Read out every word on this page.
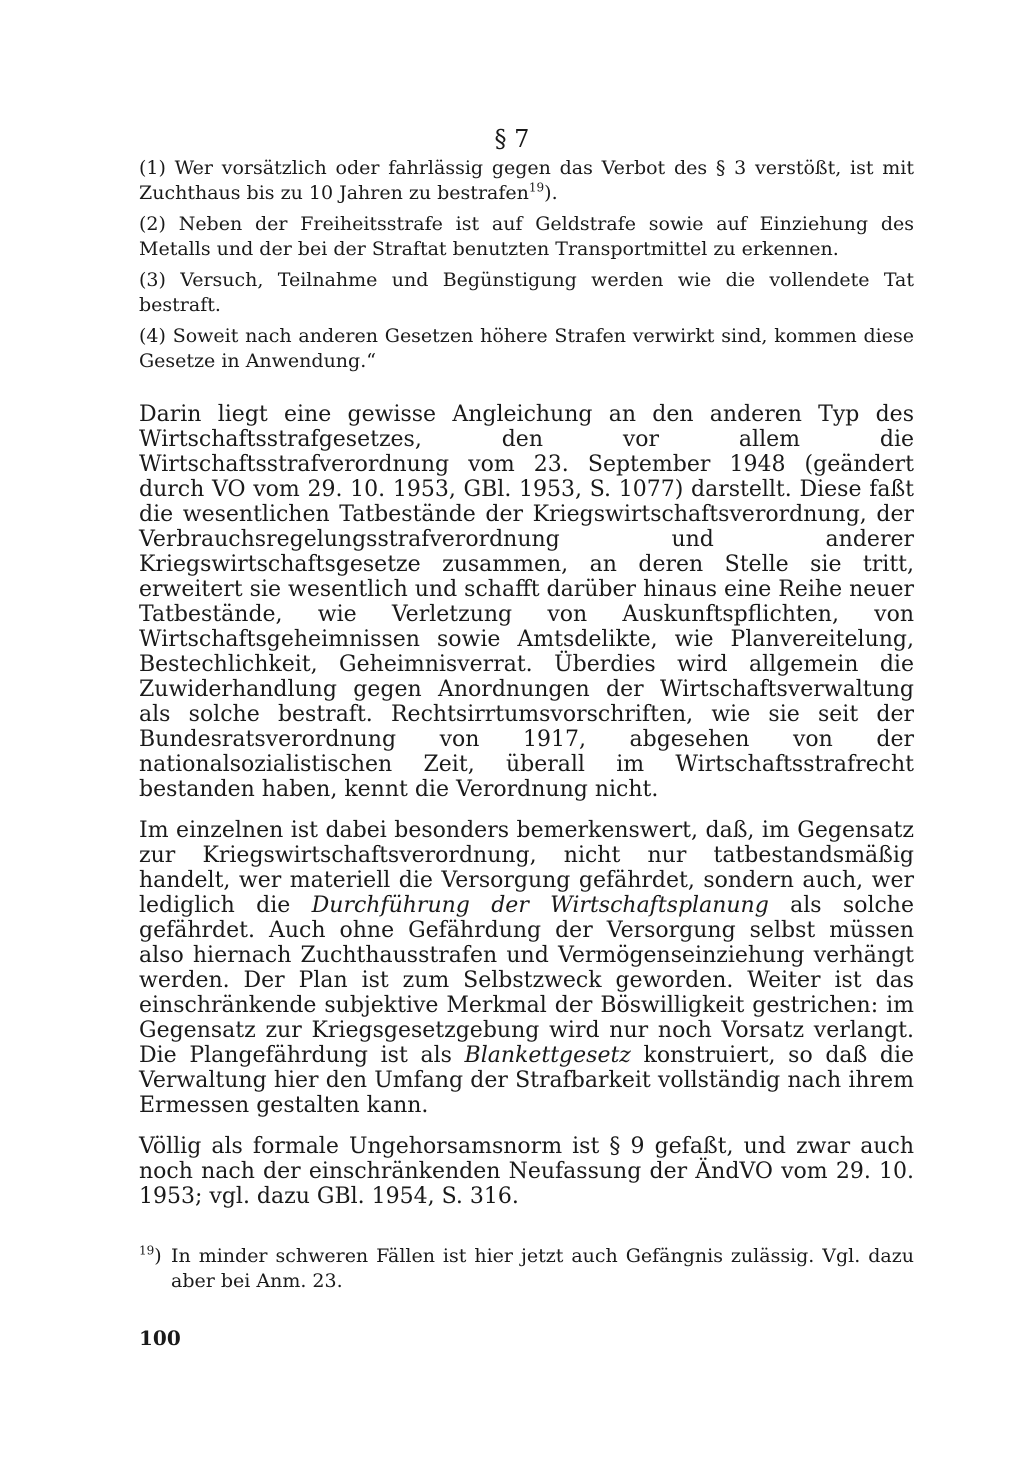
§ 7

(1) Wer vorsätzlich oder fahrlässig gegen das Verbot des § 3 verstößt, ist mit Zuchthaus bis zu 10 Jahren zu bestrafen$^{19}$).

(2) Neben der Freiheitsstrafe ist auf Geldstrafe sowie auf Einziehung des Metalls und der bei der Straftat benutzten Transportmittel zu erkennen.

(3) Versuch, Teilnahme und Begünstigung werden wie die vollendete Tat bestraft.

(4) Soweit nach anderen Gesetzen höhere Strafen verwirkt sind, kommen diese Gesetze in Anwendung.“

Darin liegt eine gewisse Angleichung an den anderen Typ des Wirtschaftsstrafgesetzes, den vor allem die Wirtschaftsstrafverordnung vom 23. September 1948 (geändert durch VO vom 29. 10. 1953, GBl. 1953, S. 1077) darstellt. Diese faßt die wesentlichen Tatbestände der Kriegswirtschaftsverordnung, der Verbrauchsregelungsstrafverordnung und anderer Kriegswirtschaftsgesetze zusammen, an deren Stelle sie tritt, erweitert sie wesentlich und schafft darüber hinaus eine Reihe neuer Tatbestände, wie Verletzung von Auskunftspflichten, von Wirtschaftsgeheimnissen sowie Amtsdelikte, wie Planvereitelung, Bestechlichkeit, Geheimnisverrat. Überdies wird allgemein die Zuwiderhandlung gegen Anordnungen der Wirtschaftsverwaltung als solche bestraft. Rechtsirrtumsvorschriften, wie sie seit der Bundesratsverordnung von 1917, abgesehen von der nationalsozialistischen Zeit, überall im Wirtschaftsstrafrecht bestanden haben, kennt die Verordnung nicht.

Im einzelnen ist dabei besonders bemerkenswert, daß, im Gegensatz zur Kriegswirtschaftsverordnung, nicht nur tatbestandsmäßig handelt, wer materiell die Versorgung gefährdet, sondern auch, wer lediglich die Durchführung der Wirtschaftsplanung als solche gefährdet. Auch ohne Gefährdung der Versorgung selbst müssen also hiernach Zuchthausstrafen und Vermögenseinziehung verhängt werden. Der Plan ist zum Selbstzweck geworden. Weiter ist das einschränkende subjektive Merkmal der Böswilligkeit gestrichen: im Gegensatz zur Kriegsgesetzgebung wird nur noch Vorsatz verlangt. Die Plangefährdung ist als Blankettgesetz konstruiert, so daß die Verwaltung hier den Umfang der Strafbarkeit vollständig nach ihrem Ermessen gestalten kann.

Völlig als formale Ungehorsamsnorm ist § 9 gefaßt, und zwar auch noch nach der einschränkenden Neufassung der ÄndVO vom 29. 10. 1953; vgl. dazu GBl. 1954, S. 316.

$^{19}$) In minder schweren Fällen ist hier jetzt auch Gefängnis zulässig. Vgl. dazu aber bei Anm. 23.
100
